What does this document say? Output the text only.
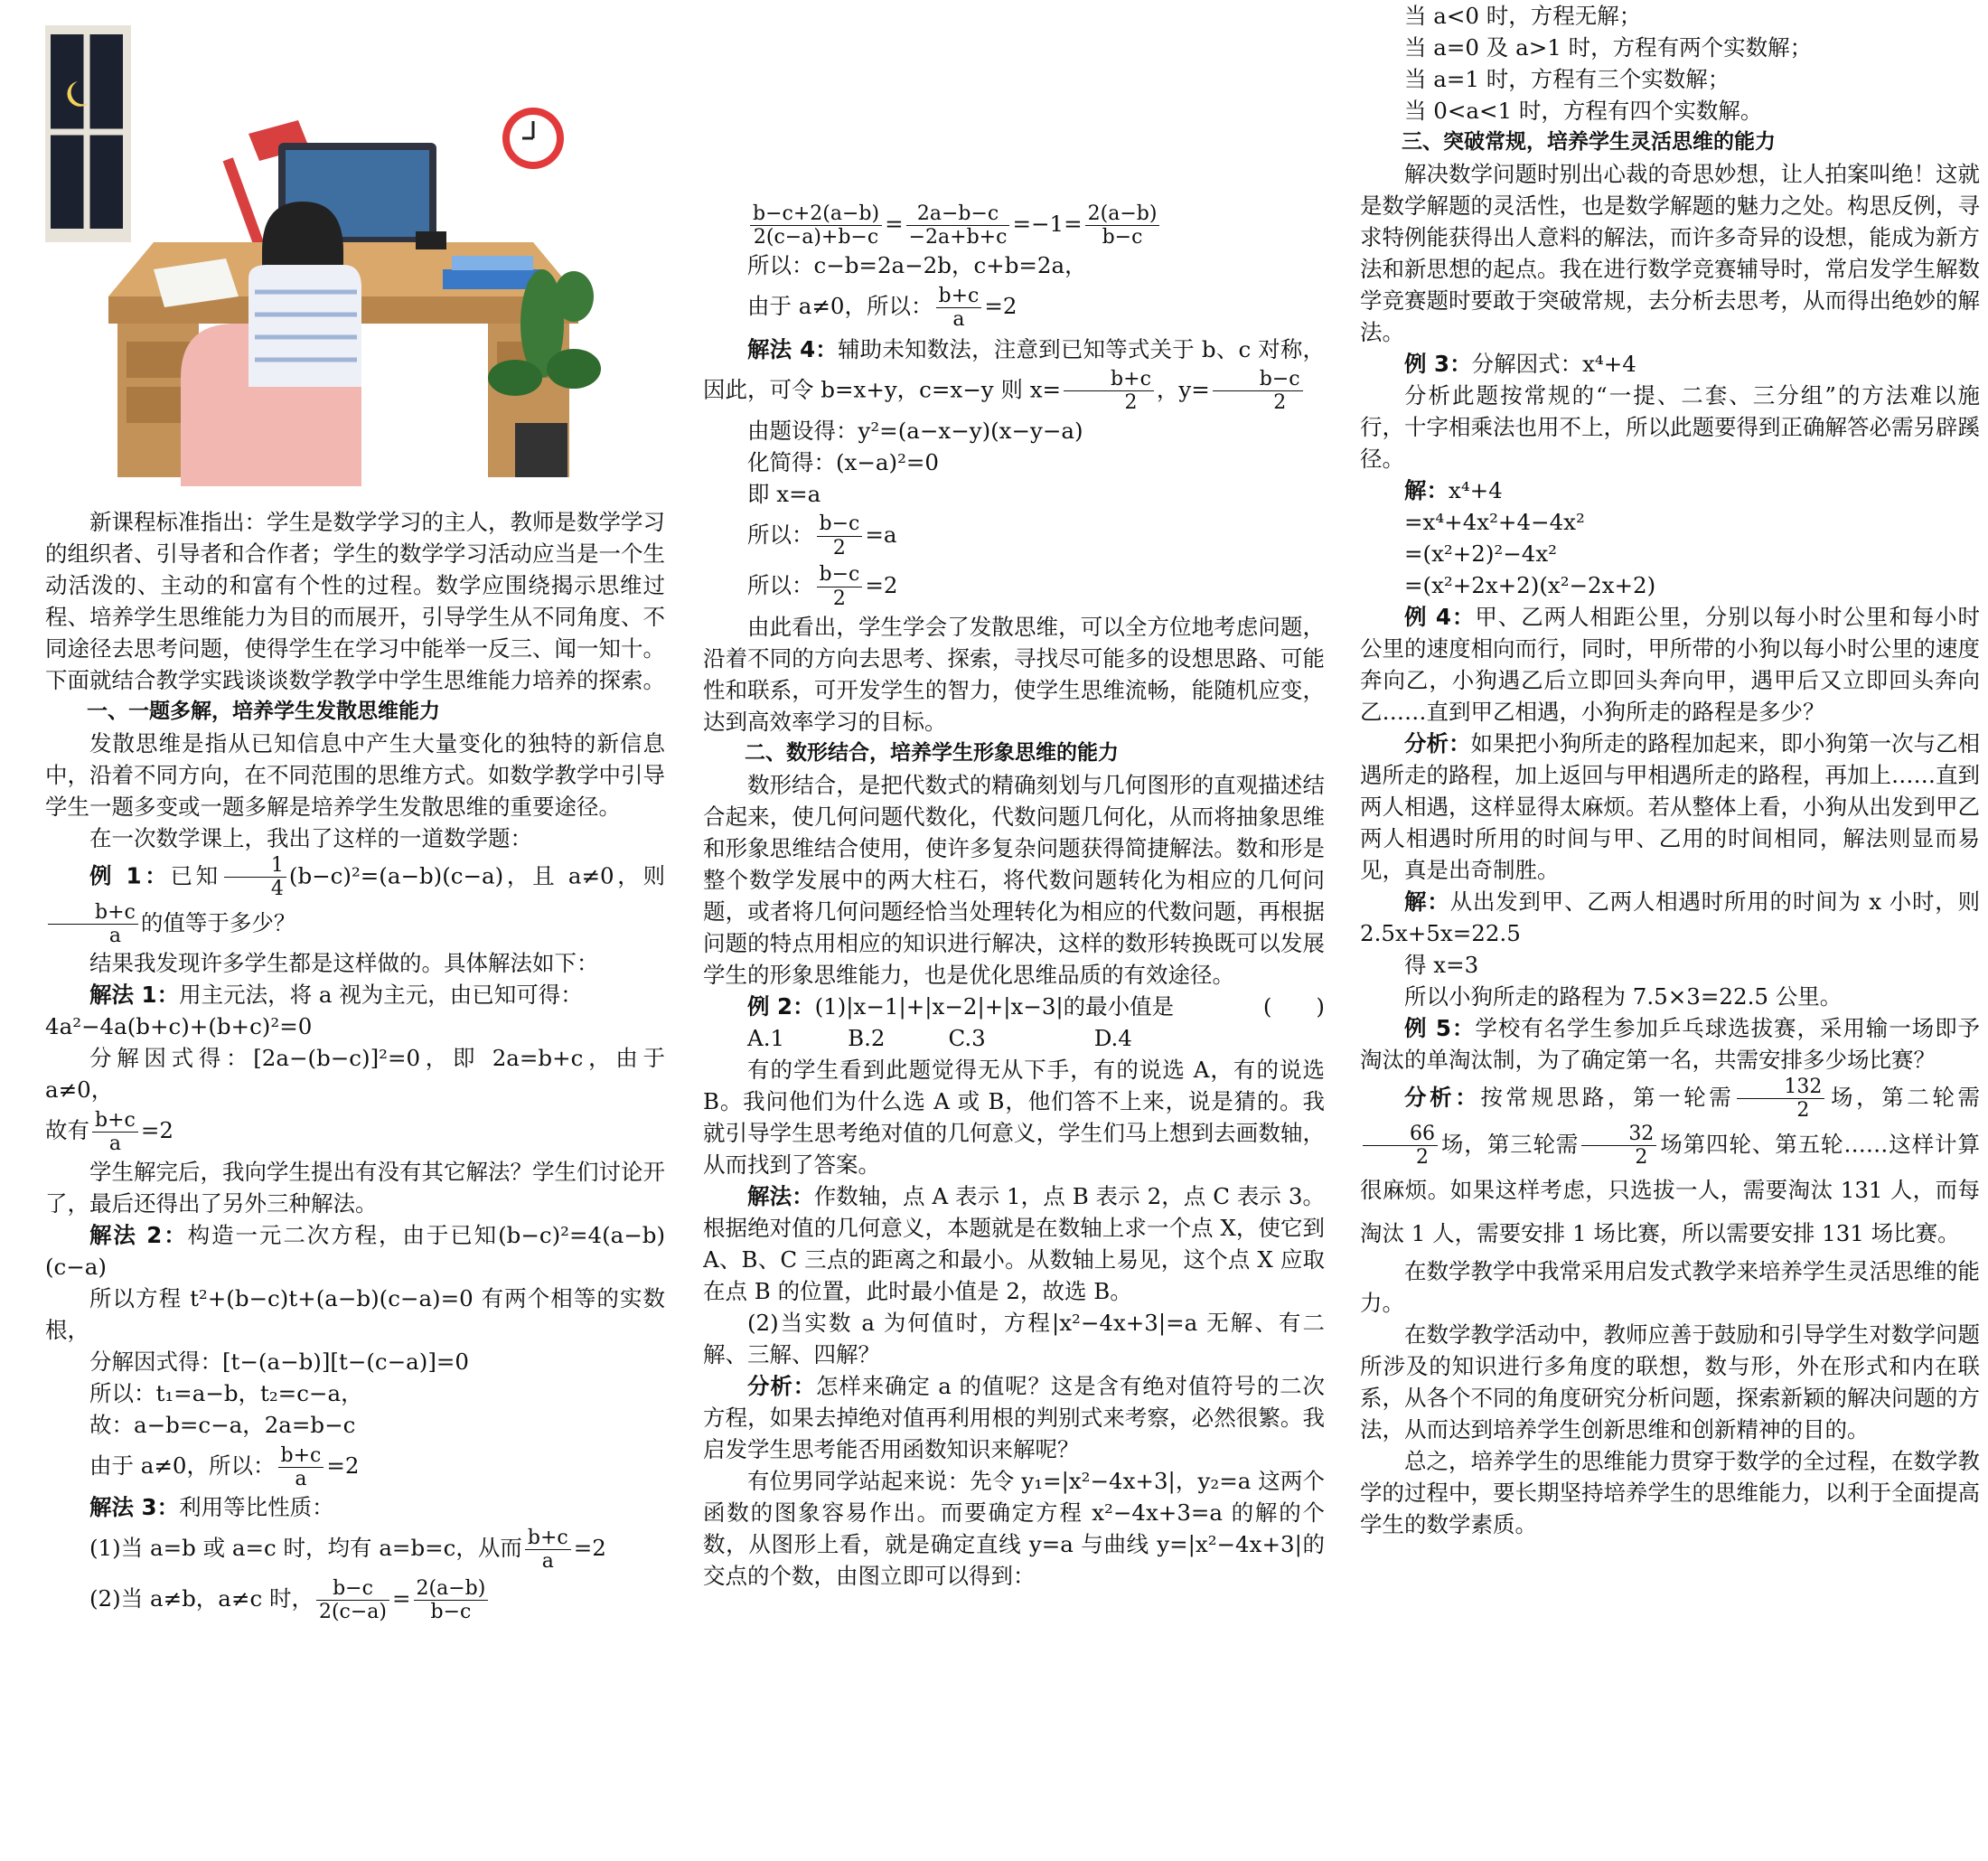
新课程标准指出：学生是数学学习的主人，教师是数学学习的组织者、引导者和合作者；学生的数学学习活动应当是一个生动活泼的、主动的和富有个性的过程。数学应围绕揭示思维过程、培养学生思维能力为目的而展开，引导学生从不同角度、不同途径去思考问题，使得学生在学习中能举一反三、闻一知十。下面就结合教学实践谈谈数学教学中学生思维能力培养的探索。

一、一题多解，培养学生发散思维能力

发散思维是指从已知信息中产生大量变化的独特的新信息中，沿着不同方向，在不同范围的思维方式。如数学教学中引导学生一题多变或一题多解是培养学生发散思维的重要途径。

在一次数学课上，我出了这样的一道数学题：

例 1：已知 $\frac{1}{4} (b-c)^2=(a-b)(c-a)$，且 a≠0，则
$\frac{b+c}{a}$ 的值等于多少？

结果我发现许多学生都是这样做的。具体解法如下：

解法 1：用主元法，将 a 视为主元，由已知可得：

4a²−4a(b+c)+(b+c)²=0

分解因式得：[2a−(b−c)]²=0，即 2a=b+c，由于 a≠0，

故有 $\frac{b+c}{a} =2$

学生解完后，我向学生提出有没有其它解法？学生们讨论开了，最后还得出了另外三种解法。

解法 2：构造一元二次方程，由于已知(b−c)²=4(a−b)(c−a)

所以方程 t²+(b−c)t+(a−b)(c−a)=0 有两个相等的实数根，

分解因式得：[t−(a−b)][t−(c−a)]=0

所以：t₁=a−b，t₂=c−a，

故：a−b=c−a，2a=b−c

由于 a≠0，所以： $\frac{b+c}{a} =2$

解法 3：利用等比性质：

(1)当 a=b 或 a=c 时，均有 a=b=c，从而 $\frac{b+c}{a} =2$

(2)当 a≠b，a≠c 时， $\frac{b-c}{2(c-a)} = \frac{2(a-b)}{b-c}$

$\frac{b-c+2(a-b)}{2(c-a)+b-c} = \frac{2a-b-c}{-2a+b+c} =-1= \frac{2(a-b)}{b-c}$

所以：c−b=2a−2b，c+b=2a，

由于 a≠0，所以： $\frac{b+c}{a} =2$

解法 4：辅助未知数法，注意到已知等式关于 b、c 对称，因此，可令 b=x+y，c=x−y 则 $x= \frac{b+c}{2}$ ，$y= \frac{b-c}{2}$

由题设得：y²=(a−x−y)(x−y−a)

化简得：(x−a)²=0

即 x=a

所以： $\frac{b-c}{2} =a$

所以： $\frac{b-c}{2} =2$

由此看出，学生学会了发散思维，可以全方位地考虑问题，沿着不同的方向去思考、探索，寻找尽可能多的设想思路、可能性和联系，可开发学生的智力，使学生思维流畅，能随机应变，达到高效率学习的目标。

二、数形结合，培养学生形象思维的能力

数形结合，是把代数式的精确刻划与几何图形的直观描述结合起来，使几何问题代数化，代数问题几何化，从而将抽象思维和形象思维结合使用，使许多复杂问题获得简捷解法。数和形是整个数学发展中的两大柱石，将代数问题转化为相应的几何问题，或者将几何问题经恰当处理转化为相应的代数问题，再根据问题的特点用相应的知识进行解决，这样的数形转换既可以发展学生的形象思维能力，也是优化思维品质的有效途径。

例 2：(1)|x−1|+|x−2|+|x−3|的最小值是	(　　)

A.1	B.2	C.3	D.4

有的学生看到此题觉得无从下手，有的说选 A，有的说选 B。我问他们为什么选 A 或 B，他们答不上来，说是猜的。我就引导学生思考绝对值的几何意义，学生们马上想到去画数轴，从而找到了答案。

解法：作数轴，点 A 表示 1，点 B 表示 2，点 C 表示 3。根据绝对值的几何意义，本题就是在数轴上求一个点 X，使它到 A、B、C 三点的距离之和最小。从数轴上易见，这个点 X 应取在点 B 的位置，此时最小值是 2，故选 B。

(2)当实数 a 为何值时，方程|x²−4x+3|=a 无解、有二解、三解、四解？

分析：怎样来确定 a 的值呢？这是含有绝对值符号的二次方程，如果去掉绝对值再利用根的判别式来考察，必然很繁。我启发学生思考能否用函数知识来解呢？

有位男同学站起来说：先令 y₁=|x²−4x+3|，y₂=a 这两个函数的图象容易作出。而要确定方程 x²−4x+3=a 的解的个数，从图形上看，就是确定直线 y=a 与曲线 y=|x²−4x+3|的交点的个数，由图立即可以得到：

当 a<0 时，方程无解；

当 a=0 及 a>1 时，方程有两个实数解；

当 a=1 时，方程有三个实数解；

当 0<a<1 时，方程有四个实数解。

三、突破常规，培养学生灵活思维的能力

解决数学问题时别出心裁的奇思妙想，让人拍案叫绝！这就是数学解题的灵活性，也是数学解题的魅力之处。构思反例，寻求特例能获得出人意料的解法，而许多奇异的设想，能成为新方法和新思想的起点。我在进行数学竞赛辅导时，常启发学生解数学竞赛题时要敢于突破常规，去分析去思考，从而得出绝妙的解法。

例 3：分解因式：x⁴+4

分析此题按常规的“一提、二套、三分组”的方法难以施行，十字相乘法也用不上，所以此题要得到正确解答必需另辟蹊径。

解：x⁴+4

=x⁴+4x²+4−4x²

=(x²+2)²−4x²

=(x²+2x+2)(x²−2x+2)

例 4：甲、乙两人相距公里，分别以每小时公里和每小时公里的速度相向而行，同时，甲所带的小狗以每小时公里的速度奔向乙，小狗遇乙后立即回头奔向甲，遇甲后又立即回头奔向乙……直到甲乙相遇，小狗所走的路程是多少？

分析：如果把小狗所走的路程加起来，即小狗第一次与乙相遇所走的路程，加上返回与甲相遇所走的路程，再加上……直到两人相遇，这样显得太麻烦。若从整体上看，小狗从出发到甲乙两人相遇时所用的时间与甲、乙用的时间相同，解法则显而易见，真是出奇制胜。

解：从出发到甲、乙两人相遇时所用的时间为 x 小时，则 2.5x+5x=22.5

得 x=3

所以小狗所走的路程为 7.5×3=22.5 公里。

例 5：学校有名学生参加乒乓球选拔赛，采用输一场即予淘汰的单淘汰制，为了确定第一名，共需安排多少场比赛？

分析：按常规思路，第一轮需 $\frac{132}{2}$ 场，第二轮需
$\frac{66}{2}$ 场，第三轮需 $\frac{32}{2}$ 场第四轮、第五轮……这样计算很麻烦。如果这样考虑，只选拔一人，需要淘汰 131 人，而每淘汰 1 人，需要安排 1 场比赛，所以需要安排 131 场比赛。

在数学教学中我常采用启发式教学来培养学生灵活思维的能力。

在数学教学活动中，教师应善于鼓励和引导学生对数学问题所涉及的知识进行多角度的联想，数与形，外在形式和内在联系，从各个不同的角度研究分析问题，探索新颖的解决问题的方法，从而达到培养学生创新思维和创新精神的目的。

总之，培养学生的思维能力贯穿于数学的全过程，在数学教学的过程中，要长期坚持培养学生的思维能力，以利于全面提高学生的数学素质。
